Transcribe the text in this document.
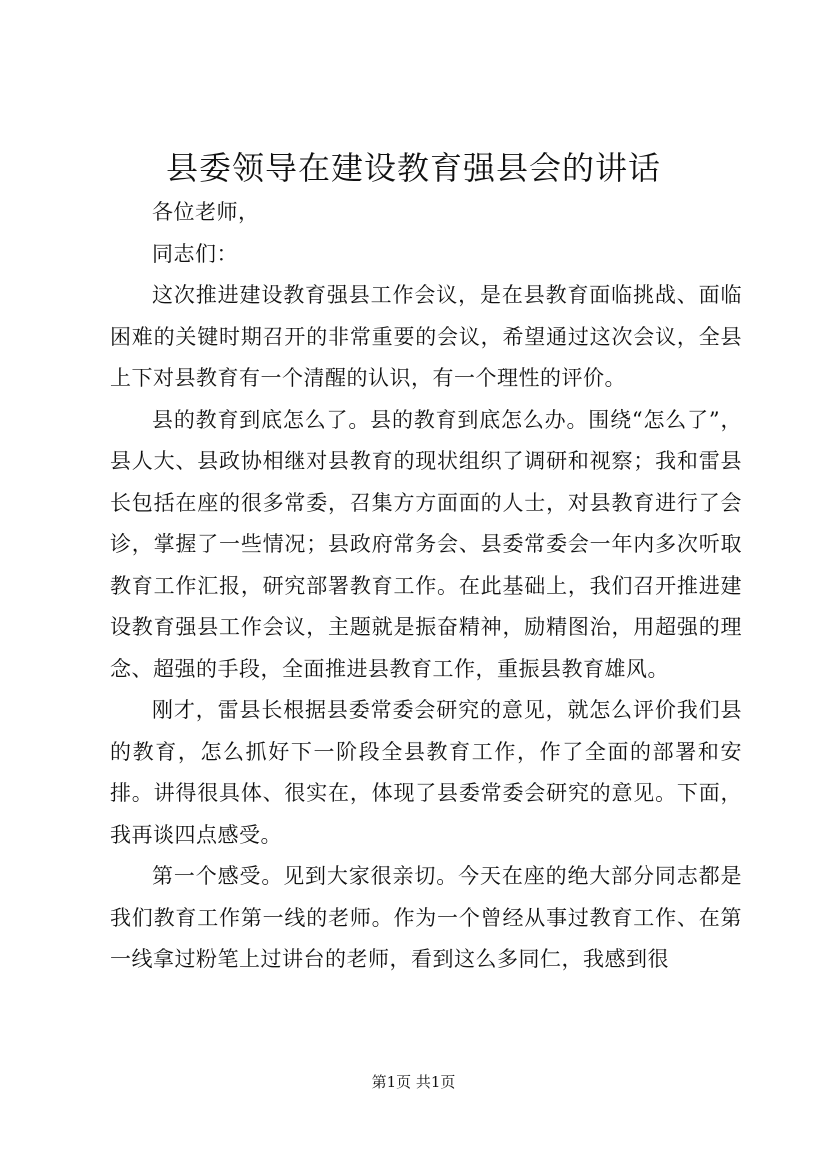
县委领导在建设教育强县会的讲话

各位老师，

同志们：

这次推进建设教育强县工作会议，是在县教育面临挑战、面临困难的关键时期召开的非常重要的会议，希望通过这次会议，全县上下对县教育有一个清醒的认识，有一个理性的评价。

县的教育到底怎么了。县的教育到底怎么办。围绕“怎么了”，县人大、县政协相继对县教育的现状组织了调研和视察；我和雷县长包括在座的很多常委，召集方方面面的人士，对县教育进行了会诊，掌握了一些情况；县政府常务会、县委常委会一年内多次听取教育工作汇报，研究部署教育工作。在此基础上，我们召开推进建设教育强县工作会议，主题就是振奋精神，励精图治，用超强的理念、超强的手段，全面推进县教育工作，重振县教育雄风。

刚才，雷县长根据县委常委会研究的意见，就怎么评价我们县的教育，怎么抓好下一阶段全县教育工作，作了全面的部署和安排。讲得很具体、很实在，体现了县委常委会研究的意见。下面，我再谈四点感受。

第一个感受。见到大家很亲切。今天在座的绝大部分同志都是我们教育工作第一线的老师。作为一个曾经从事过教育工作、在第一线拿过粉笔上过讲台的老师，看到这么多同仁，我感到很

第1页 共1页
